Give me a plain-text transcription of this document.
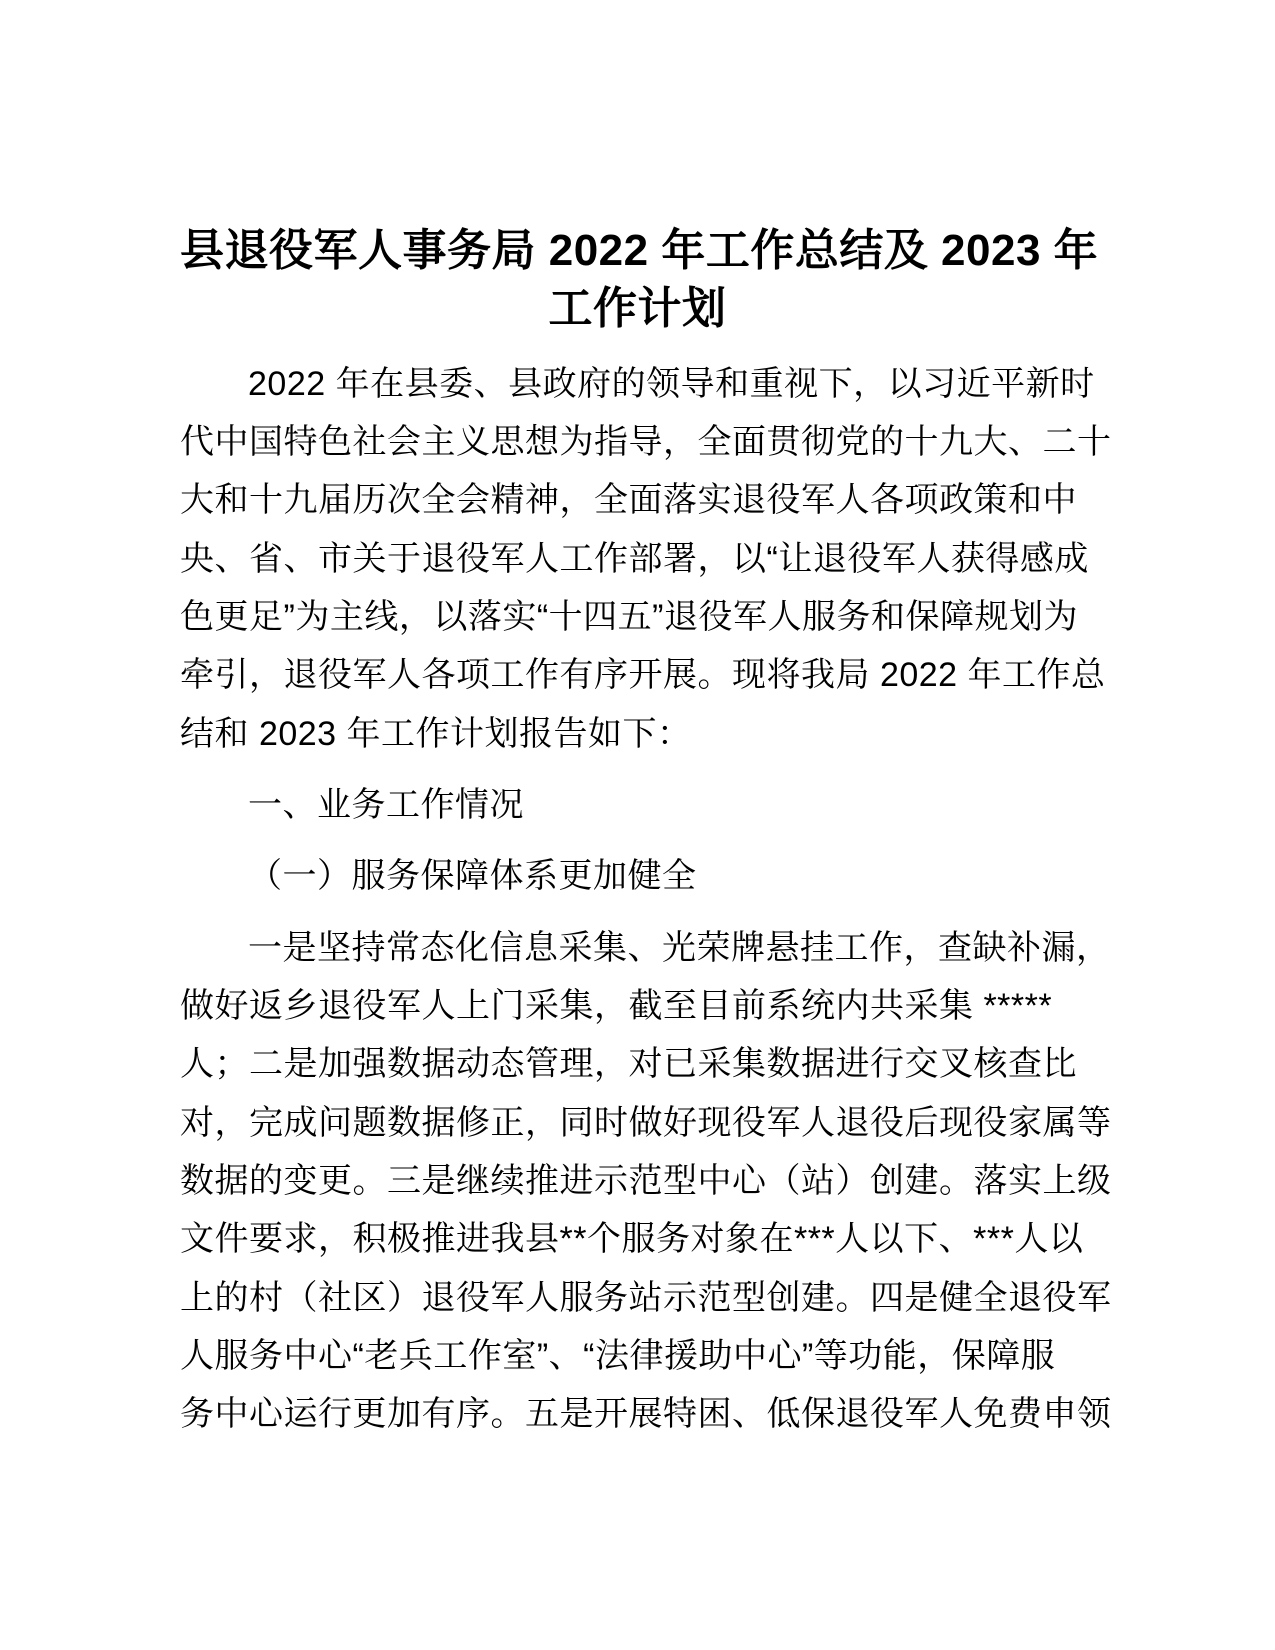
县退役军人事务局 2022 年工作总结及 2023 年
工作计划
2022 年在县委、县政府的领导和重视下，以习近平新时
代中国特色社会主义思想为指导，全面贯彻党的十九大、二十
大和十九届历次全会精神，全面落实退役军人各项政策和中
央、省、市关于退役军人工作部署，以“让退役军人获得感成
色更足”为主线，以落实“十四五”退役军人服务和保障规划为
牵引，退役军人各项工作有序开展。现将我局 2022 年工作总
结和 2023 年工作计划报告如下：
一、业务工作情况
（一）服务保障体系更加健全
一是坚持常态化信息采集、光荣牌悬挂工作，查缺补漏，
做好返乡退役军人上门采集，截至目前系统内共采集 *****
人；二是加强数据动态管理，对已采集数据进行交叉核查比
对，完成问题数据修正，同时做好现役军人退役后现役家属等
数据的变更。三是继续推进示范型中心（站）创建。落实上级
文件要求，积极推进我县**个服务对象在***人以下、***人以
上的村（社区）退役军人服务站示范型创建。四是健全退役军
人服务中心“老兵工作室”、“法律援助中心”等功能，保障服
务中心运行更加有序。五是开展特困、低保退役军人免费申领
